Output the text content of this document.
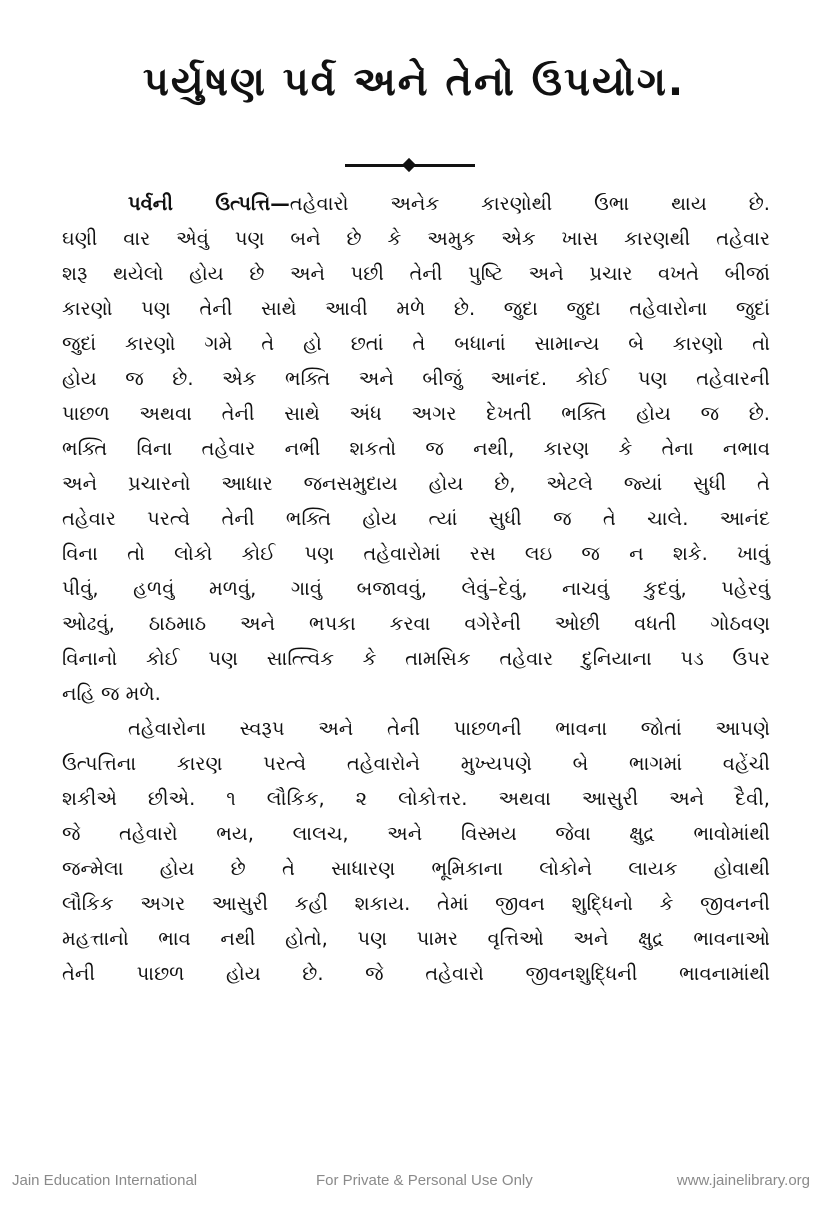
પર્યુષણ પર્વ અને તેનો ઉપયોગ.
પર્વની ઉત્પત્તિ—તહેવારો અનેક કારણોથી ઉભા થાય છે.
ઘણી વાર એવું પણ બને છે કે અમુક એક ખાસ કારણથી તહેવાર
શરૂ થયેલો હોય છે અને પછી તેની પુષ્ટિ અને પ્રચાર વખતે બીજાં
કારણો પણ તેની સાથે આવી મળે છે. જુદા જુદા તહેવારોના જુદાં
જુદાં કારણો ગમે તે હો છતાં તે બધાનાં સામાન્ય બે કારણો તો
હોય જ છે. એક ભક્તિ અને બીજું આનંદ. કોઈ પણ તહેવારની
પાછળ અથવા તેની સાથે અંધ અગર દેખતી ભક્તિ હોય જ છે.
ભક્તિ વિના તહેવાર નભી શકતો જ નથી, કારણ કે તેના નભાવ
અને પ્રચારનો આધાર જનસમુદાય હોય છે, એટલે જ્યાં સુધી તે
તહેવાર પરત્વે તેની ભક્તિ હોય ત્યાં સુધી જ તે ચાલે. આનંદ
વિના તો લોકો કોઈ પણ તહેવારોમાં રસ લઇ જ ન શકે. ખાવું
પીવું, હળવું મળવું, ગાવું બજાવવું, લેવું–દેવું, નાચવું કુદવું, પહેરવું
ઓઢવું, ઠાઠમાઠ અને ભપકા કરવા વગેરેની ઓછી વધતી ગોઠવણ
વિનાનો કોઈ પણ સાત્ત્વિક કે તામસિક તહેવાર દુનિયાના પડ ઉપર
નહિ જ મળે.
તહેવારોના સ્વરૂપ અને તેની પાછળની ભાવના જોતાં આપણે
ઉત્પત્તિના કારણ પરત્વે તહેવારોને મુખ્યપણે બે ભાગમાં વહેંચી
શકીએ છીએ. ૧ લૌકિક, ૨ લોકોત્તર. અથવા આસુરી અને દૈવી,
જે તહેવારો ભય, લાલચ, અને વિસ્મય જેવા ક્ષુદ્ર ભાવોમાંથી
જન્મેલા હોય છે તે સાધારણ ભૂમિકાના લોકોને લાયક હોવાથી
લૌકિક અગર આસુરી કહી શકાય. તેમાં જીવન શુદ્ધિનો કે જીવનની
મહત્તાનો ભાવ નથી હોતો, પણ પામર વૃત્તિઓ અને ક્ષુદ્ર ભાવનાઓ
તેની પાછળ હોય છે. જે તહેવારો જીવનશુદ્ધિની ભાવનામાંથી
Jain Education International	For Private & Personal Use Only	www.jainelibrary.org
